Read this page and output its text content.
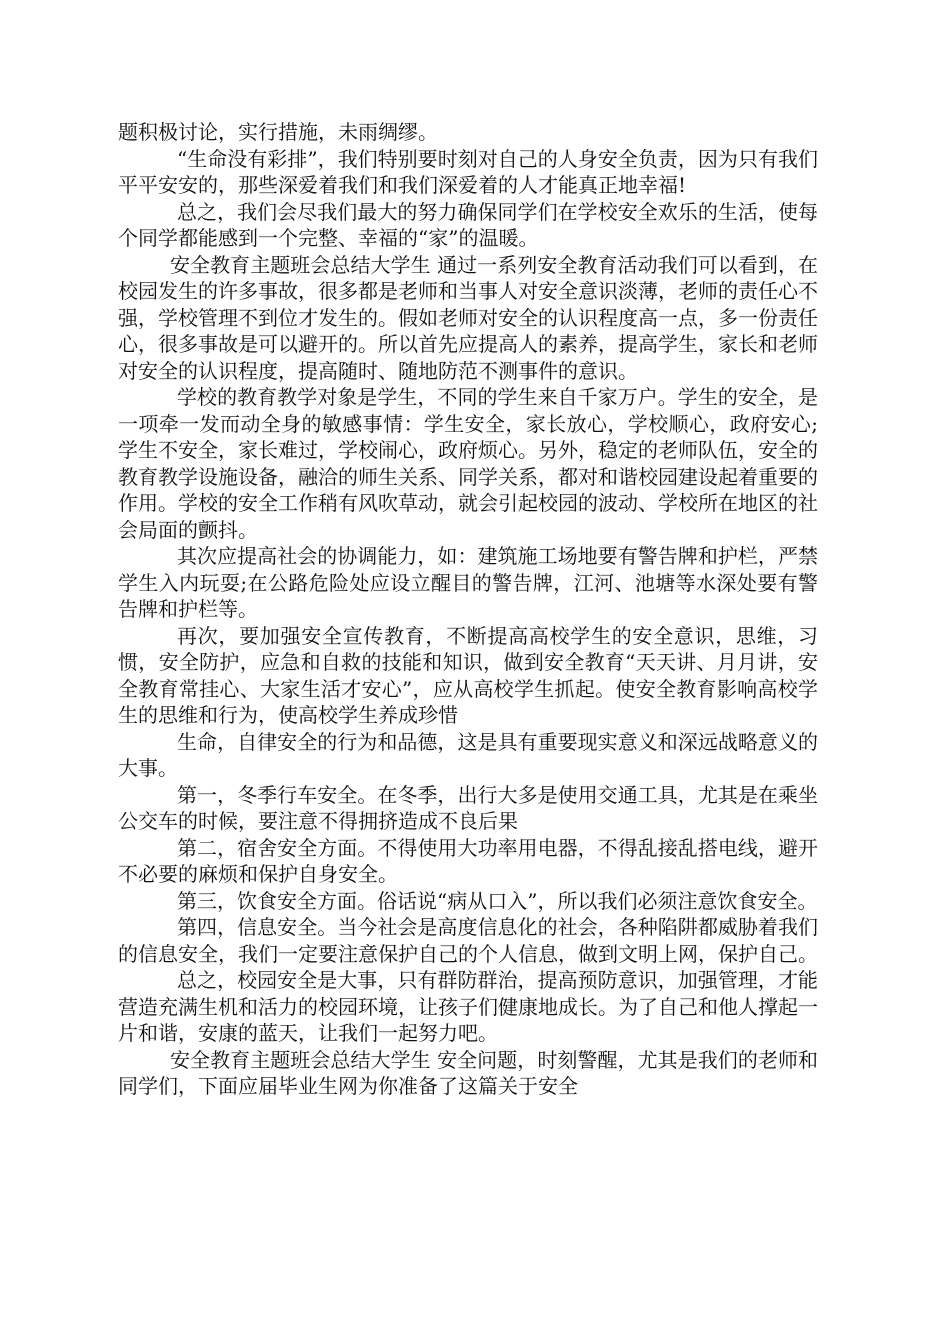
题积极讨论，实行措施，未雨绸缪。

“生命没有彩排”，我们特别要时刻对自己的人身安全负责，因为只有我们平平安安的，那些深爱着我们和我们深爱着的人才能真正地幸福!

总之，我们会尽我们最大的努力确保同学们在学校安全欢乐的生活，使每个同学都能感到一个完整、幸福的“家”的温暖。

安全教育主题班会总结大学生 通过一系列安全教育活动我们可以看到，在校园发生的许多事故，很多都是老师和当事人对安全意识淡薄，老师的责任心不强，学校管理不到位才发生的。假如老师对安全的认识程度高一点，多一份责任心，很多事故是可以避开的。所以首先应提高人的素养，提高学生，家长和老师对安全的认识程度，提高随时、随地防范不测事件的意识。

学校的教育教学对象是学生，不同的学生来自千家万户。学生的安全，是一项牵一发而动全身的敏感事情：学生安全，家长放心，学校顺心，政府安心;学生不安全，家长难过，学校闹心，政府烦心。另外，稳定的老师队伍，安全的教育教学设施设备，融洽的师生关系、同学关系，都对和谐校园建设起着重要的作用。学校的安全工作稍有风吹草动，就会引起校园的波动、学校所在地区的社会局面的颤抖。

其次应提高社会的协调能力，如：建筑施工场地要有警告牌和护栏，严禁学生入内玩耍;在公路危险处应设立醒目的警告牌，江河、池塘等水深处要有警告牌和护栏等。

再次，要加强安全宣传教育，不断提高高校学生的安全意识，思维，习惯，安全防护，应急和自救的技能和知识，做到安全教育“天天讲、月月讲，安全教育常挂心、大家生活才安心”，应从高校学生抓起。使安全教育影响高校学生的思维和行为，使高校学生养成珍惜

生命，自律安全的行为和品德，这是具有重要现实意义和深远战略意义的大事。

第一，冬季行车安全。在冬季，出行大多是使用交通工具，尤其是在乘坐公交车的时候，要注意不得拥挤造成不良后果

第二，宿舍安全方面。不得使用大功率用电器，不得乱接乱搭电线，避开不必要的麻烦和保护自身安全。

第三，饮食安全方面。俗话说“病从口入”，所以我们必须注意饮食安全。

第四，信息安全。当今社会是高度信息化的社会，各种陷阱都威胁着我们的信息安全，我们一定要注意保护自己的个人信息，做到文明上网，保护自己。

总之，校园安全是大事，只有群防群治，提高预防意识，加强管理，才能营造充满生机和活力的校园环境，让孩子们健康地成长。为了自己和他人撑起一片和谐，安康的蓝天，让我们一起努力吧。

安全教育主题班会总结大学生 安全问题，时刻警醒，尤其是我们的老师和同学们，下面应届毕业生网为你准备了这篇关于安全
